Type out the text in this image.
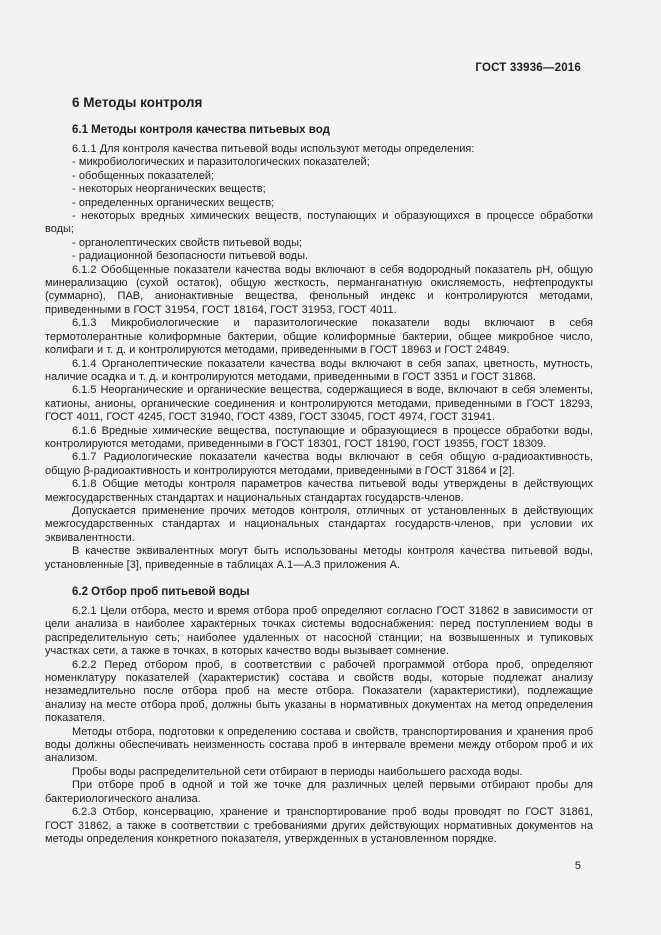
ГОСТ 33936—2016
6 Методы контроля
6.1 Методы контроля качества питьевых вод

6.1.1 Для контроля качества питьевой воды используют методы определения:

- микробиологических и паразитологических показателей;

- обобщенных показателей;

- некоторых неорганических веществ;

- определенных органических веществ;

- некоторых вредных химических веществ, поступающих и образующихся в процессе обработки воды;

- органолептических свойств питьевой воды;

- радиационной безопасности питьевой воды.

6.1.2 Обобщенные показатели качества воды включают в себя водородный показатель pH, общую минерализацию (сухой остаток), общую жесткость, перманганатную окисляемость, нефтепродукты (суммарно), ПАВ, анионактивные вещества, фенольный индекс и контролируются методами, приведенными в ГОСТ 31954, ГОСТ 18164, ГОСТ 31953, ГОСТ 4011.

6.1.3 Микробиологические и паразитологические показатели воды включают в себя термотолерантные колиформные бактерии, общие колиформные бактерии, общее микробное число, колифаги и т. д. и контролируются методами, приведенными в ГОСТ 18963 и ГОСТ 24849.

6.1.4 Органолептические показатели качества воды включают в себя запах, цветность, мутность, наличие осадка и т. д. и контролируются методами, приведенными в ГОСТ 3351 и ГОСТ 31868.

6.1.5 Неорганические и органические вещества, содержащиеся в воде, включают в себя элементы, катионы, анионы, органические соединения и контролируются методами, приведенными в ГОСТ 18293, ГОСТ 4011, ГОСТ 4245, ГОСТ 31940, ГОСТ 4389, ГОСТ 33045, ГОСТ 4974, ГОСТ 31941.

6.1.6 Вредные химические вещества, поступающие и образующиеся в процессе обработки воды, контролируются методами, приведенными в ГОСТ 18301, ГОСТ 18190, ГОСТ 19355, ГОСТ 18309.

6.1.7 Радиологические показатели качества воды включают в себя общую α-радиоактивность, общую β-радиоактивность и контролируются методами, приведенными в ГОСТ 31864 и [2].

6.1.8 Общие методы контроля параметров качества питьевой воды утверждены в действующих межгосударственных стандартах и национальных стандартах государств-членов.

Допускается применение прочих методов контроля, отличных от установленных в действующих межгосударственных стандартах и национальных стандартах государств-членов, при условии их эквивалентности.

В качестве эквивалентных могут быть использованы методы контроля качества питьевой воды, установленные [3], приведенные в таблицах А.1—А.3 приложения А.

6.2 Отбор проб питьевой воды

6.2.1 Цели отбора, место и время отбора проб определяют согласно ГОСТ 31862 в зависимости от цели анализа в наиболее характерных точках системы водоснабжения: перед поступлением воды в распределительную сеть; наиболее удаленных от насосной станции; на возвышенных и тупиковых участках сети, а также в точках, в которых качество воды вызывает сомнение.

6.2.2 Перед отбором проб, в соответствии с рабочей программой отбора проб, определяют номенклатуру показателей (характеристик) состава и свойств воды, которые подлежат анализу незамедлительно после отбора проб на месте отбора. Показатели (характеристики), подлежащие анализу на месте отбора проб, должны быть указаны в нормативных документах на метод определения показателя.

Методы отбора, подготовки к определению состава и свойств, транспортирования и хранения проб воды должны обеспечивать неизменность состава проб в интервале времени между отбором проб и их анализом.

Пробы воды распределительной сети отбирают в периоды наибольшего расхода воды.

При отборе проб в одной и той же точке для различных целей первыми отбирают пробы для бактериологического анализа.

6.2.3 Отбор, консервацию, хранение и транспортирование проб воды проводят по ГОСТ 31861, ГОСТ 31862, а также в соответствии с требованиями других действующих нормативных документов на методы определения конкретного показателя, утвержденных в установленном порядке.

5
